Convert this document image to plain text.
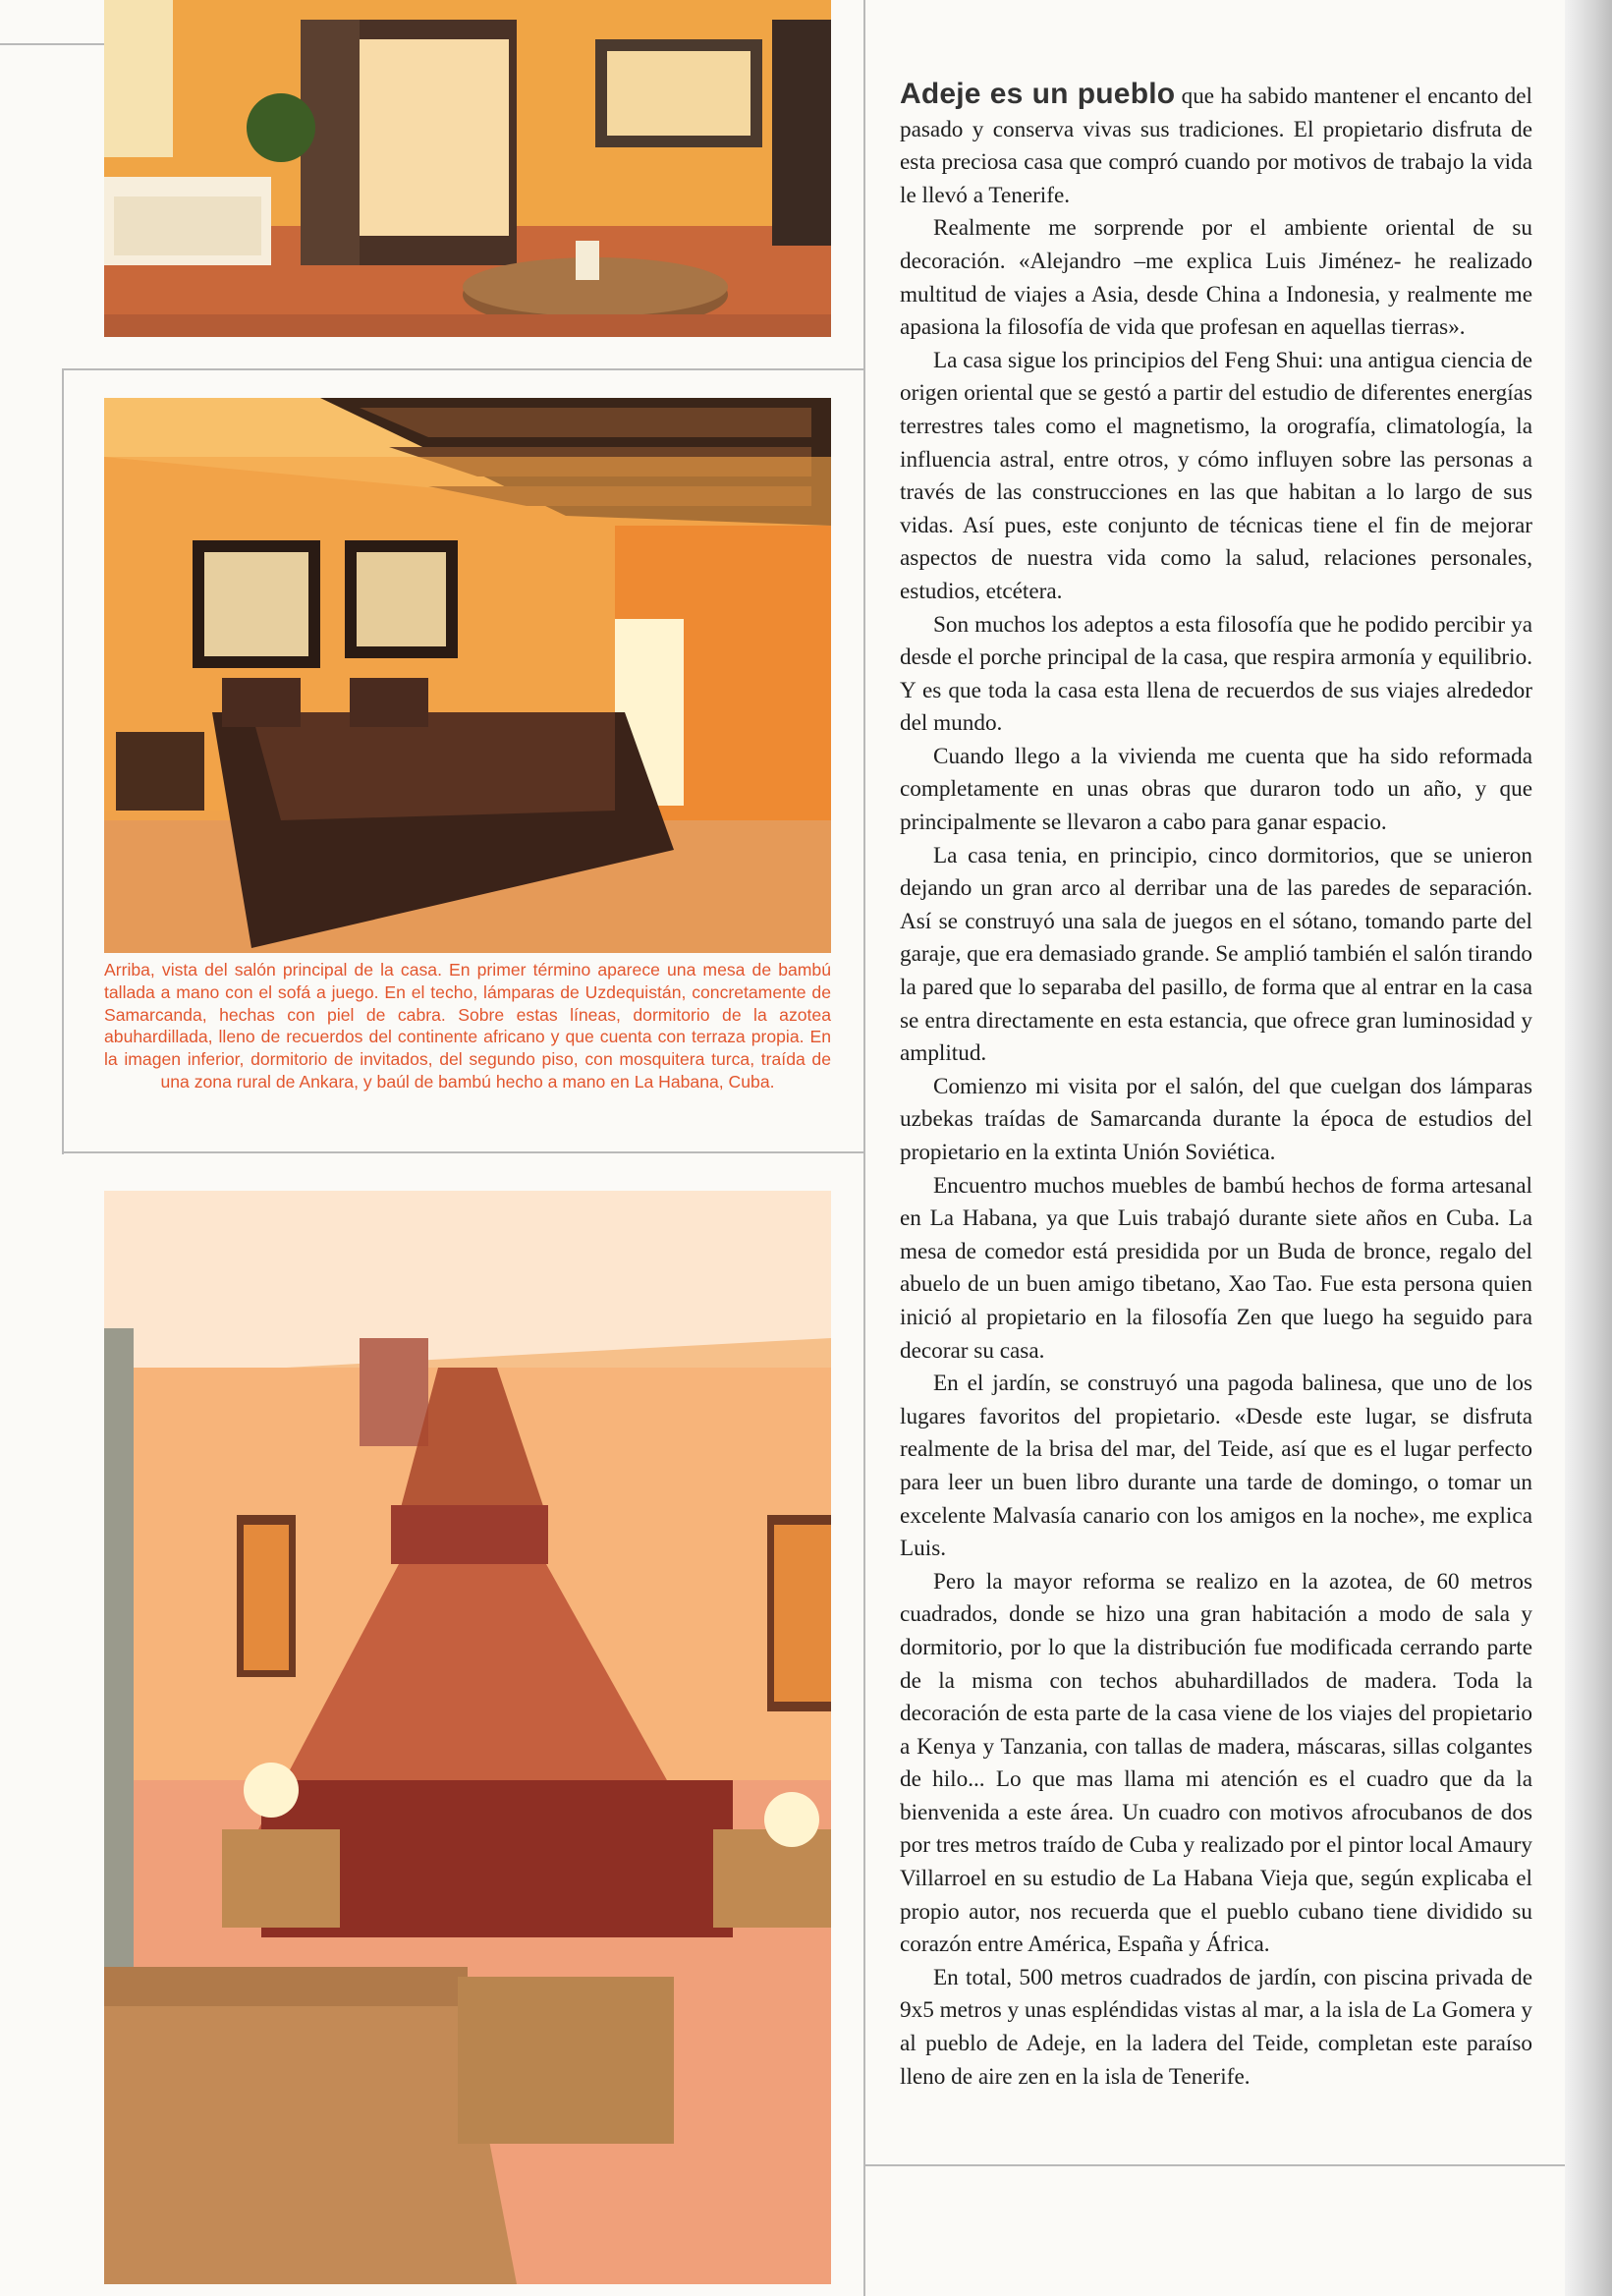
Arriba, vista del salón principal de la casa. En primer término aparece una mesa de bambú tallada a mano con el sofá a juego. En el techo, lámparas de Uzdequistán, concretamente de Samarcanda, hechas con piel de cabra. Sobre estas líneas, dormitorio de la azotea abuhardillada, lleno de recuerdos del continente africano y que cuenta con terraza propia. En la imagen inferior, dormitorio de invitados, del segundo piso, con mosquitera turca, traída de una zona rural de Ankara, y baúl de bambú hecho a mano en La Habana, Cuba.

Adeje es un pueblo que ha sabido mantener el encanto del pasado y conserva vivas sus tradiciones. El propietario disfruta de esta preciosa casa que compró cuando por motivos de trabajo la vida le llevó a Tenerife.

Realmente me sorprende por el ambiente oriental de su decoración. «Alejandro –me explica Luis Jiménez- he realizado multitud de viajes a Asia, desde China a Indonesia, y realmente me apasiona la filosofía de vida que profesan en aquellas tierras».

La casa sigue los principios del Feng Shui: una antigua ciencia de origen oriental que se gestó a partir del estudio de diferentes energías terrestres tales como el magnetismo, la orografía, climatología, la influencia astral, entre otros, y cómo influyen sobre las personas a través de las construcciones en las que habitan a lo largo de sus vidas. Así pues, este conjunto de técnicas tiene el fin de mejorar aspectos de nuestra vida como la salud, relaciones personales, estudios, etcétera.

Son muchos los adeptos a esta filosofía que he podido percibir ya desde el porche principal de la casa, que respira armonía y equilibrio. Y es que toda la casa esta llena de recuerdos de sus viajes alrededor del mundo.

Cuando llego a la vivienda me cuenta que ha sido reformada completamente en unas obras que duraron todo un año, y que principalmente se llevaron a cabo para ganar espacio.

La casa tenia, en principio, cinco dormitorios, que se unieron dejando un gran arco al derribar una de las paredes de separación. Así se construyó una sala de juegos en el sótano, tomando parte del garaje, que era demasiado grande. Se amplió también el salón tirando la pared que lo separaba del pasillo, de forma que al entrar en la casa se entra directamente en esta estancia, que ofrece gran luminosidad y amplitud.

Comienzo mi visita por el salón, del que cuelgan dos lámparas uzbekas traídas de Samarcanda durante la época de estudios del propietario en la extinta Unión Soviética.

Encuentro muchos muebles de bambú hechos de forma artesanal en La Habana, ya que Luis trabajó durante siete años en Cuba. La mesa de comedor está presidida por un Buda de bronce, regalo del abuelo de un buen amigo tibetano, Xao Tao. Fue esta persona quien inició al propietario en la filosofía Zen que luego ha seguido para decorar su casa.

En el jardín, se construyó una pagoda balinesa, que uno de los lugares favoritos del propietario. «Desde este lugar, se disfruta realmente de la brisa del mar, del Teide, así que es el lugar perfecto para leer un buen libro durante una tarde de domingo, o tomar un excelente Malvasía canario con los amigos en la noche», me explica Luis.

Pero la mayor reforma se realizo en la azotea, de 60 metros cuadrados, donde se hizo una gran habitación a modo de sala y dormitorio, por lo que la distribución fue modificada cerrando parte de la misma con techos abuhardillados de madera. Toda la decoración de esta parte de la casa viene de los viajes del propietario a Kenya y Tanzania, con tallas de madera, máscaras, sillas colgantes de hilo... Lo que mas llama mi atención es el cuadro que da la bienvenida a este área. Un cuadro con motivos afrocubanos de dos por tres metros traído de Cuba y realizado por el pintor local Amaury Villarroel en su estudio de La Habana Vieja que, según explicaba el propio autor, nos recuerda que el pueblo cubano tiene dividido su corazón entre América, España y África.

En total, 500 metros cuadrados de jardín, con piscina privada de 9x5 metros y unas espléndidas vistas al mar, a la isla de La Gomera y al pueblo de Adeje, en la ladera del Teide, completan este paraíso lleno de aire zen en la isla de Tenerife.
